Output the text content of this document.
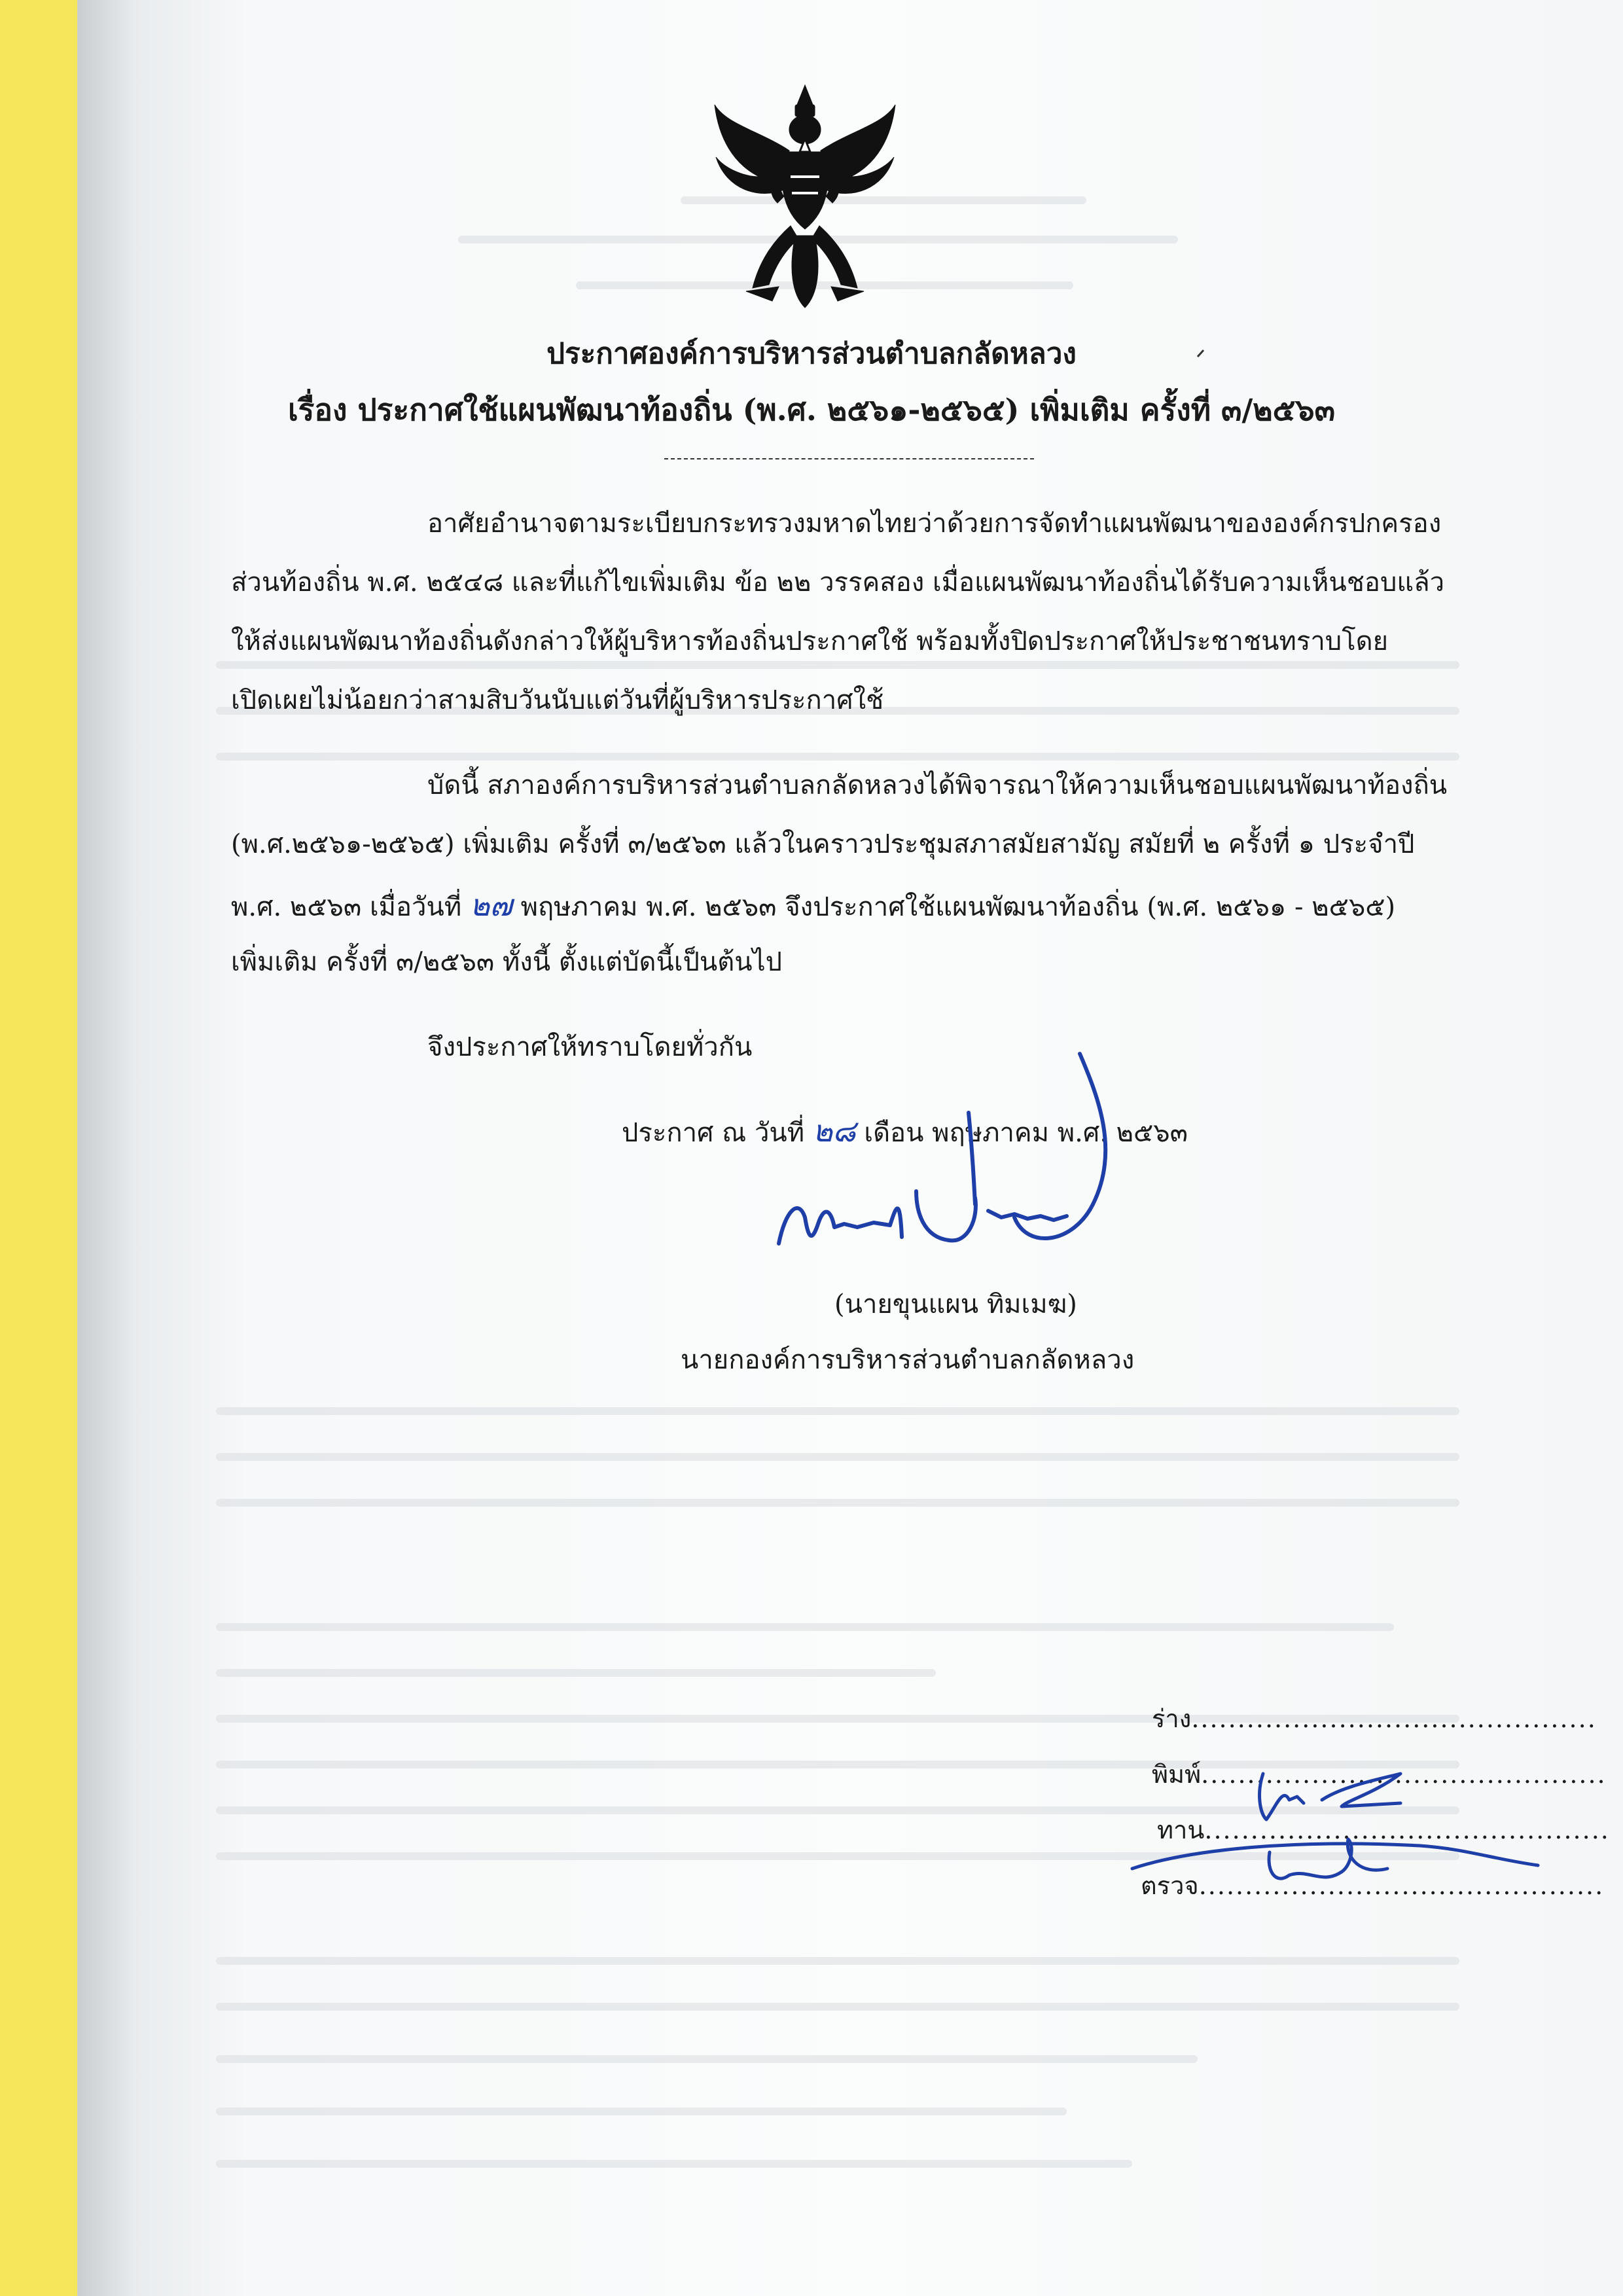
ประกาศองค์การบริหารส่วนตำบลกลัดหลวง
เรื่อง ประกาศใช้แผนพัฒนาท้องถิ่น (พ.ศ. ๒๕๖๑-๒๕๖๕) เพิ่มเติม ครั้งที่ ๓/๒๕๖๓
อาศัยอำนาจตามระเบียบกระทรวงมหาดไทยว่าด้วยการจัดทำแผนพัฒนาขององค์กรปกครอง
ส่วนท้องถิ่น พ.ศ. ๒๕๔๘ และที่แก้ไขเพิ่มเติม ข้อ ๒๒ วรรคสอง เมื่อแผนพัฒนาท้องถิ่นได้รับความเห็นชอบแล้ว
ให้ส่งแผนพัฒนาท้องถิ่นดังกล่าวให้ผู้บริหารท้องถิ่นประกาศใช้ พร้อมทั้งปิดประกาศให้ประชาชนทราบโดย
เปิดเผยไม่น้อยกว่าสามสิบวันนับแต่วันที่ผู้บริหารประกาศใช้
บัดนี้ สภาองค์การบริหารส่วนตำบลกลัดหลวงได้พิจารณาให้ความเห็นชอบแผนพัฒนาท้องถิ่น
(พ.ศ.๒๕๖๑-๒๕๖๕) เพิ่มเติม ครั้งที่ ๓/๒๕๖๓ แล้วในคราวประชุมสภาสมัยสามัญ สมัยที่ ๒ ครั้งที่ ๑ ประจำปี
พ.ศ. ๒๕๖๓ เมื่อวันที่ ๒๗ พฤษภาคม พ.ศ. ๒๕๖๓ จึงประกาศใช้แผนพัฒนาท้องถิ่น (พ.ศ. ๒๕๖๑ - ๒๕๖๕)
เพิ่มเติม ครั้งที่ ๓/๒๕๖๓ ทั้งนี้ ตั้งแต่บัดนี้เป็นต้นไป
จึงประกาศให้ทราบโดยทั่วกัน
ประกาศ ณ วันที่ ๒๘ เดือน พฤษภาคม พ.ศ. ๒๕๖๓
(นายขุนแผน ทิมเมฆ)
นายกองค์การบริหารส่วนตำบลกลัดหลวง
ร่าง............................................
พิมพ์............................................
ทาน............................................
ตรวจ............................................
